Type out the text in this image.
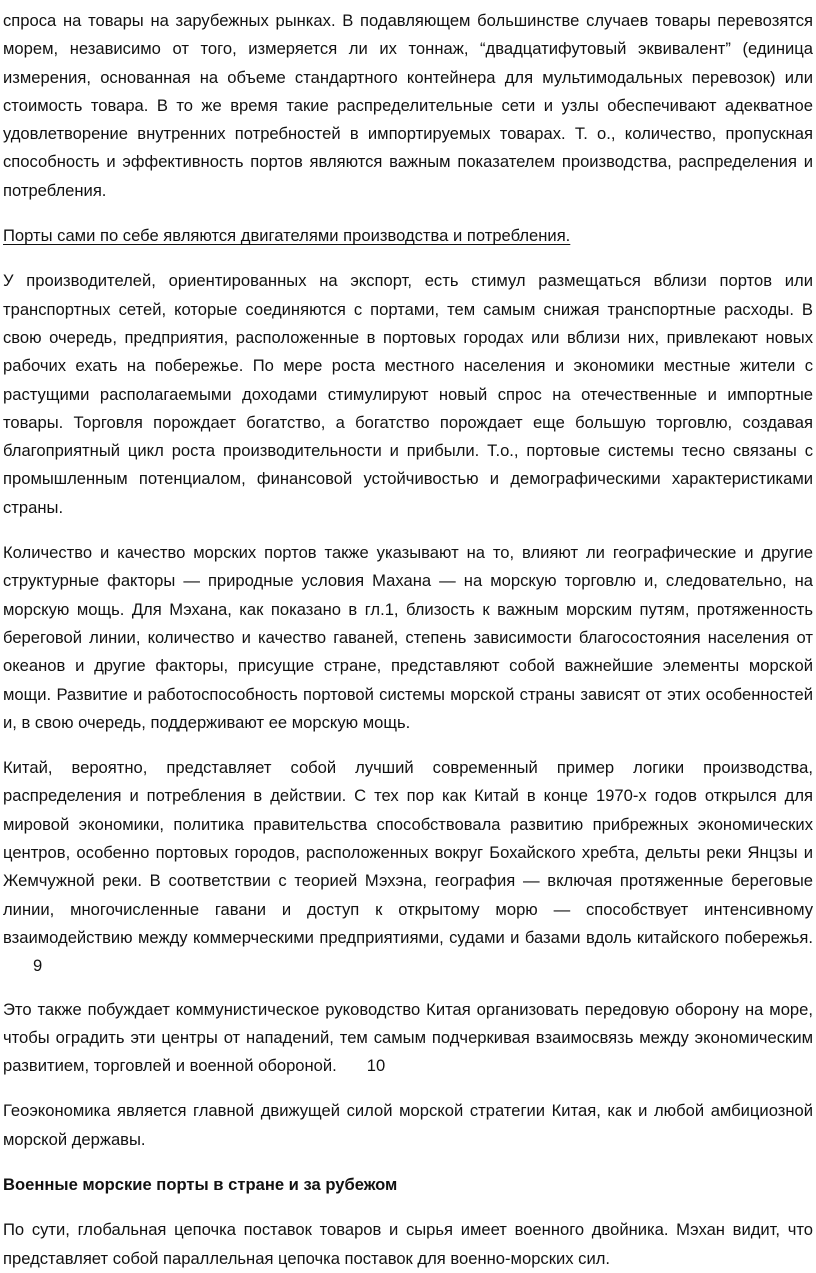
спроса на товары на зарубежных рынках. В подавляющем большинстве случаев товары перевозятся морем, независимо от того, измеряется ли их тоннаж, “двадцатифутовый эквивалент” (единица измерения, основанная на объеме стандартного контейнера для мультимодальных перевозок) или стоимость товара. В то же время такие распределительные сети и узлы обеспечивают адекватное удовлетворение внутренних потребностей в импортируемых товарах. Т. о., количество, пропускная способность и эффективность портов являются важным показателем производства, распределения и потребления.

Порты сами по себе являются двигателями производства и потребления.

У производителей, ориентированных на экспорт, есть стимул размещаться вблизи портов или транспортных сетей, которые соединяются с портами, тем самым снижая транспортные расходы. В свою очередь, предприятия, расположенные в портовых городах или вблизи них, привлекают новых рабочих ехать на побережье. По мере роста местного населения и экономики местные жители с растущими располагаемыми доходами стимулируют новый спрос на отечественные и импортные товары. Торговля порождает богатство, а богатство порождает еще большую торговлю, создавая благоприятный цикл роста производительности и прибыли. Т.о., портовые системы тесно связаны с промышленным потенциалом, финансовой устойчивостью и демографическими характеристиками страны.

Количество и качество морских портов также указывают на то, влияют ли географические и другие структурные факторы — природные условия Махана — на морскую торговлю и, следовательно, на морскую мощь. Для Мэхана, как показано в гл.1, близость к важным морским путям, протяженность береговой линии, количество и качество гаваней, степень зависимости благосостояния населения от океанов и другие факторы, присущие стране, представляют собой важнейшие элементы морской мощи. Развитие и работоспособность портовой системы морской страны зависят от этих особенностей и, в свою очередь, поддерживают ее морскую мощь.

Китай, вероятно, представляет собой лучший современный пример логики производства, распределения и потребления в действии. С тех пор как Китай в конце 1970-х годов открылся для мировой экономики, политика правительства способствовала развитию прибрежных экономических центров, особенно портовых городов, расположенных вокруг Бохайского хребта, дельты реки Янцзы и Жемчужной реки. В соответствии с теорией Мэхэна, география — включая протяженные береговые линии, многочисленные гавани и доступ к открытому морю — способствует интенсивному взаимодействию между коммерческими предприятиями, судами и базами вдоль китайского побережья.9

Это также побуждает коммунистическое руководство Китая организовать передовую оборону на море, чтобы оградить эти центры от нападений, тем самым подчеркивая взаимосвязь между экономическим развитием, торговлей и военной обороной. 10

Геоэкономика является главной движущей силой морской стратегии Китая, как и любой амбициозной морской державы.

Военные морские порты в стране и за рубежом

По сути, глобальная цепочка поставок товаров и сырья имеет военного двойника. Мэхан видит, что представляет собой параллельная цепочка поставок для военно-морских сил.
